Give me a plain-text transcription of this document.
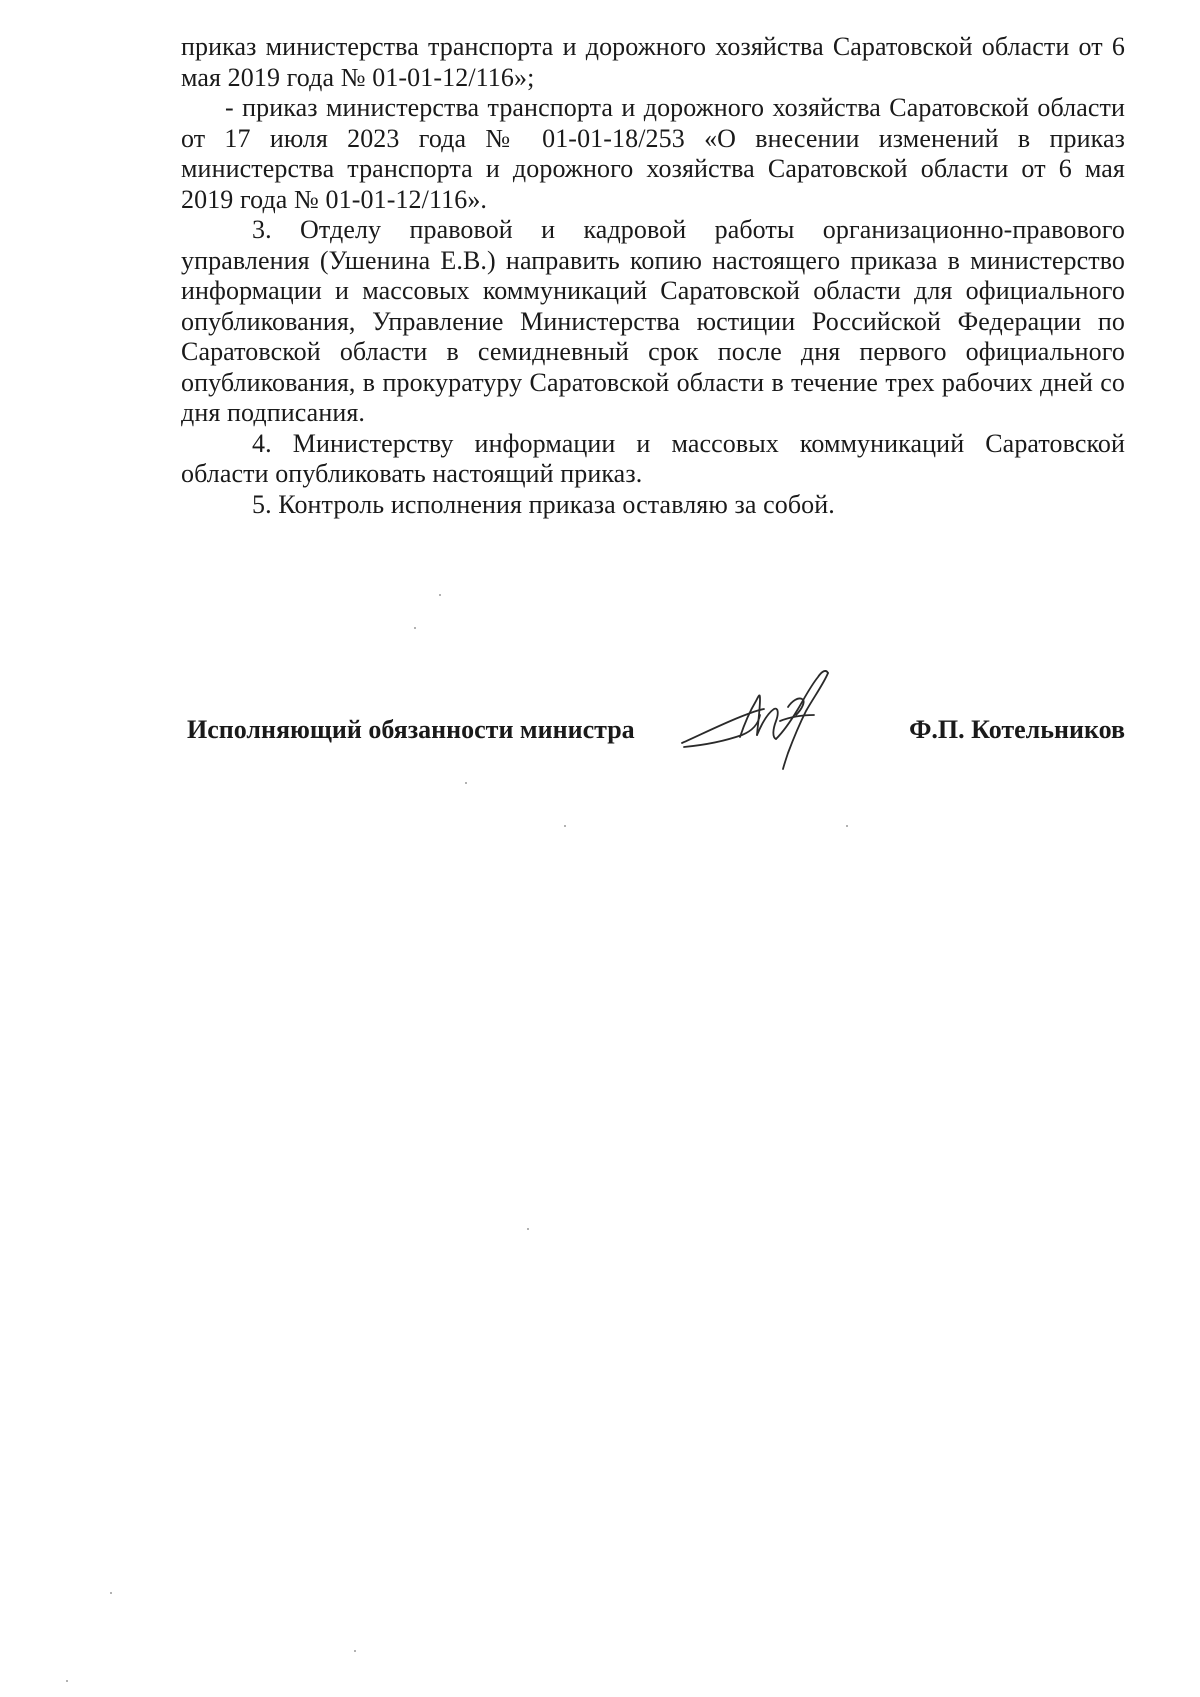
приказ министерства транспорта и дорожного хозяйства Саратовской области от 6 мая 2019 года № 01-01-12/116»;

- приказ министерства транспорта и дорожного хозяйства Саратовской области от 17 июля 2023 года № 01-01-18/253 «О внесении изменений в приказ министерства транспорта и дорожного хозяйства Саратовской области от 6 мая 2019 года № 01-01-12/116».

3. Отделу правовой и кадровой работы организационно-правового управления (Ушенина Е.В.) направить копию настоящего приказа в министерство информации и массовых коммуникаций Саратовской области для официального опубликования, Управление Министерства юстиции Российской Федерации по Саратовской области в семидневный срок после дня первого официального опубликования, в прокуратуру Саратовской области в течение трех рабочих дней со дня подписания.

4. Министерству информации и массовых коммуникаций Саратовской области опубликовать настоящий приказ.

5. Контроль исполнения приказа оставляю за собой.

Исполняющий обязанности министра	Ф.П. Котельников
